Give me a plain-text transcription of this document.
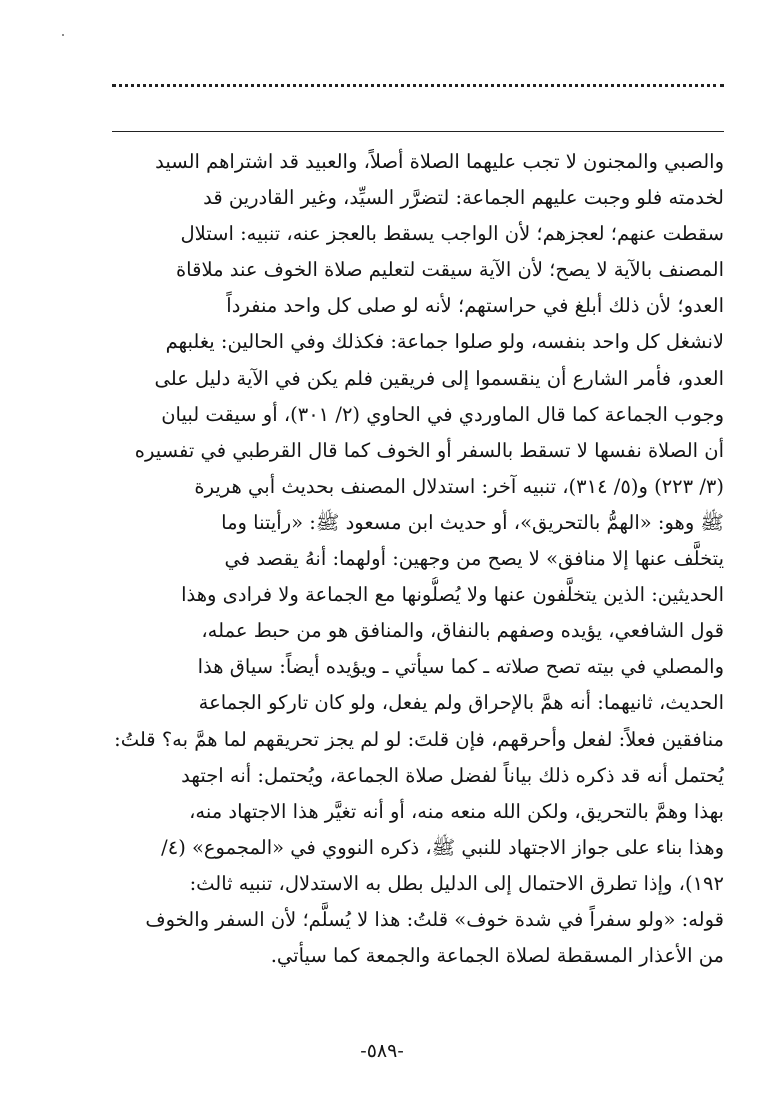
والصبي والمجنون لا تجب عليهما الصلاة أصلاً، والعبيد قد اشتراهم السيد
لخدمته فلو وجبت عليهم الجماعة: لتضرَّر السيِّد، وغير القادرين قد
سقطت عنهم؛ لعجزهم؛ لأن الواجب يسقط بالعجز عنه، تنبيه: استلال
المصنف بالآية لا يصح؛ لأن الآية سيقت لتعليم صلاة الخوف عند ملاقاة
العدو؛ لأن ذلك أبلغ في حراستهم؛ لأنه لو صلى كل واحد منفرداً
لانشغل كل واحد بنفسه، ولو صلوا جماعة: فكذلك وفي الحالين: يغلبهم
العدو، فأمر الشارع أن ينقسموا إلى فريقين فلم يكن في الآية دليل على
وجوب الجماعة كما قال الماوردي في الحاوي (٢/ ٣٠١)، أو سيقت لبيان
أن الصلاة نفسها لا تسقط بالسفر أو الخوف كما قال القرطبي في تفسيره
(٣/ ٢٢٣) و(٥/ ٣١٤)، تنبيه آخر: استدلال المصنف بحديث أبي هريرة
ﷺ وهو: «الهمُّ بالتحريق»، أو حديث ابن مسعود ﷺ: «رأيتنا وما
يتخلَّف عنها إلا منافق» لا يصح من وجهين: أولهما: أنهُ يقصد في
الحديثين: الذين يتخلَّفون عنها ولا يُصلُّونها مع الجماعة ولا فرادى وهذا
قول الشافعي، يؤيده وصفهم بالنفاق، والمنافق هو من حبط عمله،
والمصلي في بيته تصح صلاته ـ كما سيأتي ـ ويؤيده أيضاً: سياق هذا
الحديث، ثانيهما: أنه همَّ بالإحراق ولم يفعل، ولو كان تاركو الجماعة
منافقين فعلاً: لفعل وأحرقهم، فإن قلتَ: لو لم يجز تحريقهم لما همَّ به؟ قلتُ:
يُحتمل أنه قد ذكره ذلك بياناً لفضل صلاة الجماعة، ويُحتمل: أنه اجتهد
بهذا وهمَّ بالتحريق، ولكن الله منعه منه، أو أنه تغيَّر هذا الاجتهاد منه،
وهذا بناء على جواز الاجتهاد للنبي ﷺ، ذكره النووي في «المجموع» (٤/
١٩٢)، وإذا تطرق الاحتمال إلى الدليل بطل به الاستدلال، تنبيه ثالث:
قوله: «ولو سفراً في شدة خوف» قلتُ: هذا لا يُسلَّم؛ لأن السفر والخوف
من الأعذار المسقطة لصلاة الجماعة والجمعة كما سيأتي.
-٥٨٩-
